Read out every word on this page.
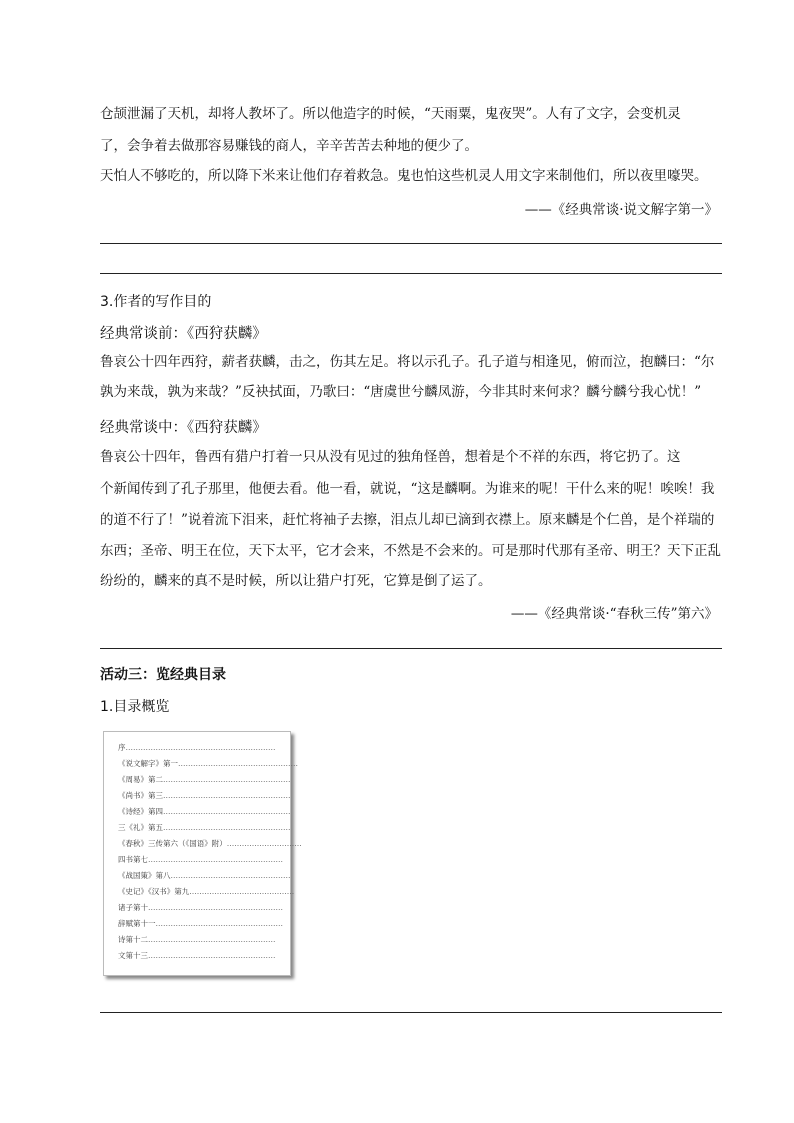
仓颉泄漏了天机，却将人教坏了。所以他造字的时候，“天雨粟，鬼夜哭”。人有了文字，会变机灵
了，会争着去做那容易赚钱的商人，辛辛苦苦去种地的便少了。
天怕人不够吃的，所以降下米来让他们存着救急。鬼也怕这些机灵人用文字来制他们，所以夜里嚎哭。
——《经典常谈·说文解字第一》
3.作者的写作目的
经典常谈前：《西狩获麟》
鲁哀公十四年西狩，薪者获麟，击之，伤其左足。将以示孔子。孔子道与相逢见，俯而泣，抱麟曰：“尔
孰为来哉，孰为来哉？”反袂拭面，乃歌曰：“唐虞世兮麟凤游，今非其时来何求？麟兮麟兮我心忧！”
经典常谈中：《西狩获麟》
鲁哀公十四年，鲁西有猎户打着一只从没有见过的独角怪兽，想着是个不祥的东西，将它扔了。这
个新闻传到了孔子那里，他便去看。他一看，就说，“这是麟啊。为谁来的呢！干什么来的呢！唉唉！我
的道不行了！”说着流下泪来，赶忙将袖子去擦，泪点儿却已滴到衣襟上。原来麟是个仁兽，是个祥瑞的
东西；圣帝、明王在位，天下太平，它才会来，不然是不会来的。可是那时代那有圣帝、明王？天下正乱
纷纷的，麟来的真不是时候，所以让猎户打死，它算是倒了运了。
——《经典常谈·“春秋三传”第六》
活动三：览经典目录
1.目录概览
序……………………………………………………
《说文解字》第一…………………………………………
《周易》第二……………………………………………
《尚书》第三……………………………………………
《诗经》第四……………………………………………
三《礼》第五……………………………………………
《春秋》三传第六（《国语》附）…………………………
四书第七………………………………………………
《战国策》第八…………………………………………
《史记》《汉书》第九……………………………………
诸子第十………………………………………………
辞赋第十一……………………………………………
诗第十二……………………………………………
文第十三……………………………………………
